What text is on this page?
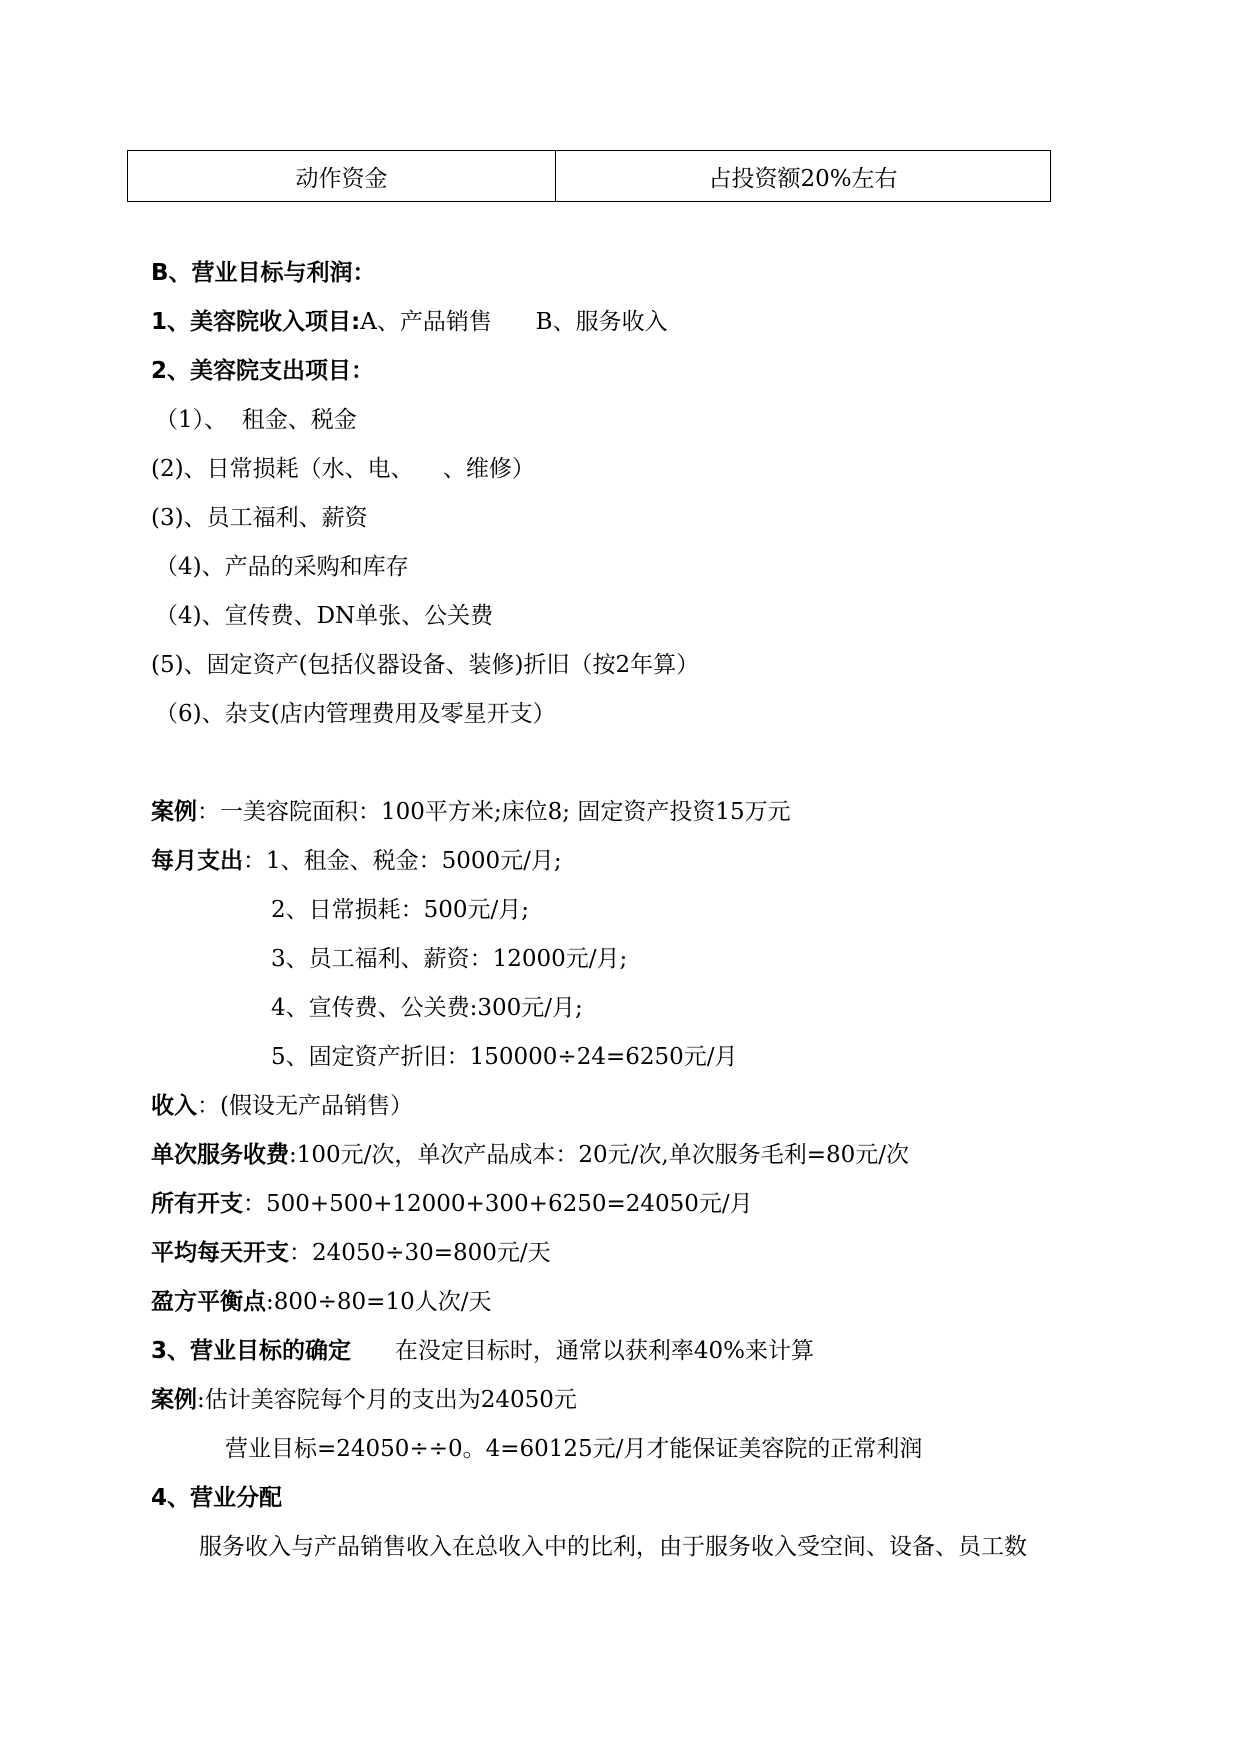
动作资金	占投资额20%左右
B、营业目标与利润：
1、美容院收入项目:A、产品销售      B、服务收入
2、美容院支出项目：
（1）、  租金、税金
(2)、日常损耗（水、电、    、维修）
(3)、员工福利、薪资
（4)、产品的采购和库存
（4)、宣传费、DN单张、公关费
(5)、固定资产(包括仪器设备、装修)折旧（按2年算）
（6)、杂支(店内管理费用及零星开支）
案例：一美容院面积：100平方米;床位8; 固定资产投资15万元
每月支出：1、租金、税金：5000元/月;
2、日常损耗：500元/月;
3、员工福利、薪资：12000元/月;
4、宣传费、公关费:300元/月;
5、固定资产折旧：150000÷24=6250元/月
收入：(假设无产品销售）
单次服务收费:100元/次，单次产品成本：20元/次,单次服务毛利=80元/次
所有开支：500+500+12000+300+6250=24050元/月
平均每天开支：24050÷30=800元/天
盈方平衡点:800÷80=10人次/天
3、营业目标的确定      在没定目标时，通常以获利率40%来计算
案例:估计美容院每个月的支出为24050元
营业目标=24050÷÷0。4=60125元/月才能保证美容院的正常利润
4、营业分配
服务收入与产品销售收入在总收入中的比利，由于服务收入受空间、设备、员工数
